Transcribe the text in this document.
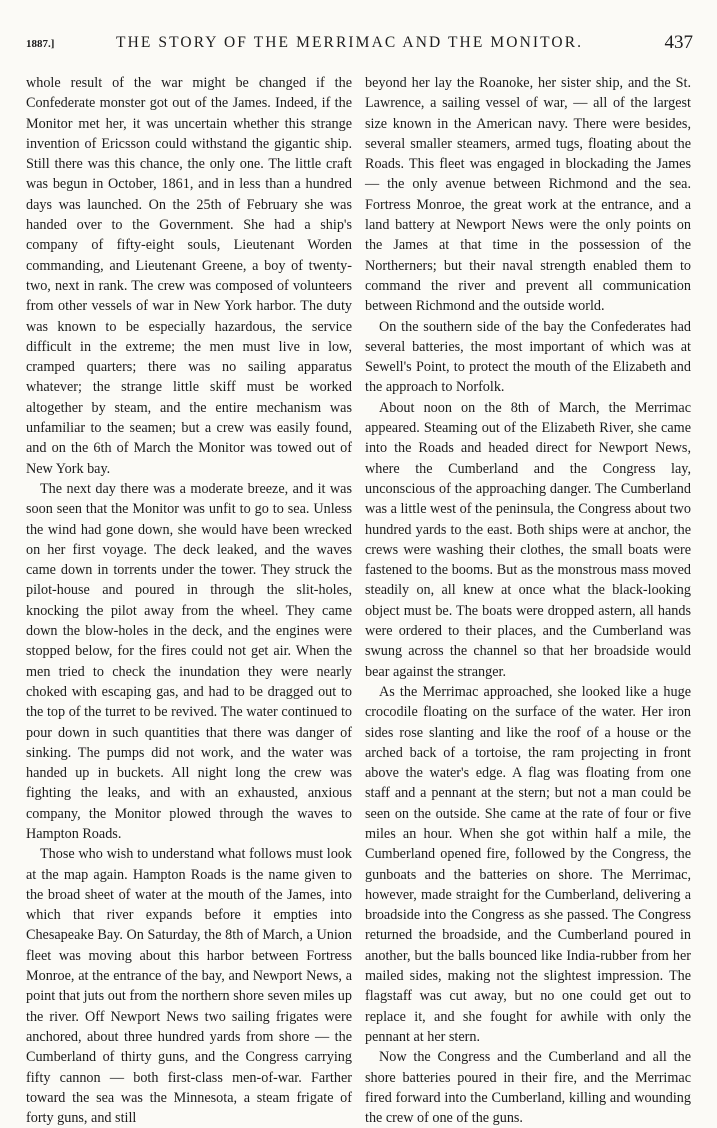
1887.]	THE STORY OF THE MERRIMAC AND THE MONITOR.	437

whole result of the war might be changed if the Confederate monster got out of the James. Indeed, if the Monitor met her, it was uncertain whether this strange invention of Ericsson could withstand the gigantic ship. Still there was this chance, the only one. The little craft was begun in October, 1861, and in less than a hundred days was launched. On the 25th of February she was handed over to the Government. She had a ship's company of fifty-eight souls, Lieutenant Worden commanding, and Lieutenant Greene, a boy of twenty-two, next in rank. The crew was composed of volunteers from other vessels of war in New York harbor. The duty was known to be especially hazardous, the service difficult in the extreme; the men must live in low, cramped quarters; there was no sailing apparatus whatever; the strange little skiff must be worked altogether by steam, and the entire mechanism was unfamiliar to the seamen; but a crew was easily found, and on the 6th of March the Monitor was towed out of New York bay.

The next day there was a moderate breeze, and it was soon seen that the Monitor was unfit to go to sea. Unless the wind had gone down, she would have been wrecked on her first voyage. The deck leaked, and the waves came down in torrents under the tower. They struck the pilot-house and poured in through the slit-holes, knocking the pilot away from the wheel. They came down the blow-holes in the deck, and the engines were stopped below, for the fires could not get air. When the men tried to check the inundation they were nearly choked with escaping gas, and had to be dragged out to the top of the turret to be revived. The water continued to pour down in such quantities that there was danger of sinking. The pumps did not work, and the water was handed up in buckets. All night long the crew was fighting the leaks, and with an exhausted, anxious company, the Monitor plowed through the waves to Hampton Roads.

Those who wish to understand what follows must look at the map again. Hampton Roads is the name given to the broad sheet of water at the mouth of the James, into which that river expands before it empties into Chesapeake Bay. On Saturday, the 8th of March, a Union fleet was moving about this harbor between Fortress Monroe, at the entrance of the bay, and Newport News, a point that juts out from the northern shore seven miles up the river. Off Newport News two sailing frigates were anchored, about three hundred yards from shore — the Cumberland of thirty guns, and the Congress carrying fifty cannon — both first-class men-of-war. Farther toward the sea was the Minnesota, a steam frigate of forty guns, and still

beyond her lay the Roanoke, her sister ship, and the St. Lawrence, a sailing vessel of war, — all of the largest size known in the American navy. There were besides, several smaller steamers, armed tugs, floating about the Roads. This fleet was engaged in blockading the James — the only avenue between Richmond and the sea. Fortress Monroe, the great work at the entrance, and a land battery at Newport News were the only points on the James at that time in the possession of the Northerners; but their naval strength enabled them to command the river and prevent all communication between Richmond and the outside world.

On the southern side of the bay the Confederates had several batteries, the most important of which was at Sewell's Point, to protect the mouth of the Elizabeth and the approach to Norfolk.

About noon on the 8th of March, the Merrimac appeared. Steaming out of the Elizabeth River, she came into the Roads and headed direct for Newport News, where the Cumberland and the Congress lay, unconscious of the approaching danger. The Cumberland was a little west of the peninsula, the Congress about two hundred yards to the east. Both ships were at anchor, the crews were washing their clothes, the small boats were fastened to the booms. But as the monstrous mass moved steadily on, all knew at once what the black-looking object must be. The boats were dropped astern, all hands were ordered to their places, and the Cumberland was swung across the channel so that her broadside would bear against the stranger.

As the Merrimac approached, she looked like a huge crocodile floating on the surface of the water. Her iron sides rose slanting and like the roof of a house or the arched back of a tortoise, the ram projecting in front above the water's edge. A flag was floating from one staff and a pennant at the stern; but not a man could be seen on the outside. She came at the rate of four or five miles an hour. When she got within half a mile, the Cumberland opened fire, followed by the Congress, the gunboats and the batteries on shore. The Merrimac, however, made straight for the Cumberland, delivering a broadside into the Congress as she passed. The Congress returned the broadside, and the Cumberland poured in another, but the balls bounced like India-rubber from her mailed sides, making not the slightest impression. The flagstaff was cut away, but no one could get out to replace it, and she fought for awhile with only the pennant at her stern.

Now the Congress and the Cumberland and all the shore batteries poured in their fire, and the Merrimac fired forward into the Cumberland, killing and wounding the crew of one of the guns.
